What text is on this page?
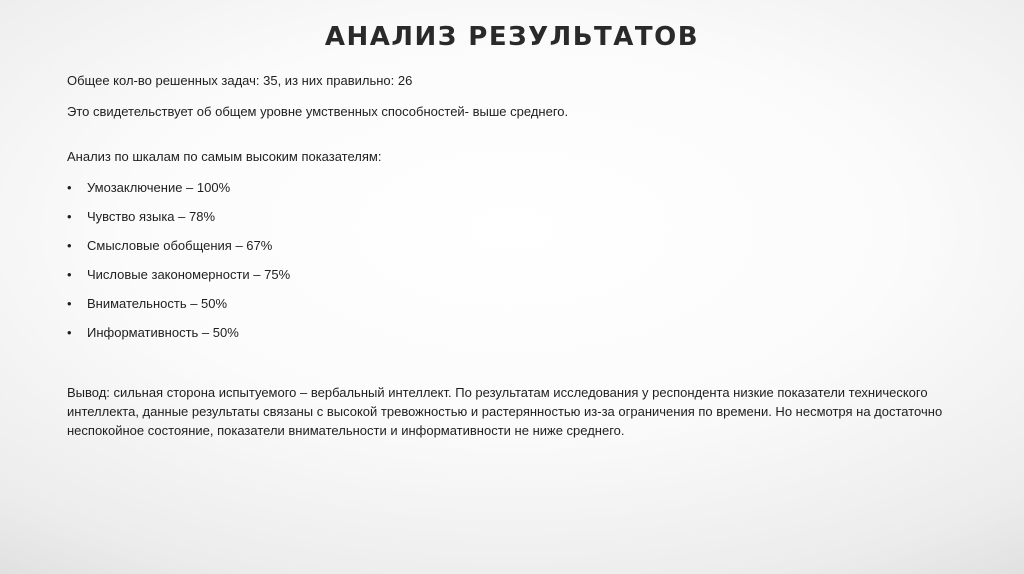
АНАЛИЗ РЕЗУЛЬТАТОВ

Общее кол-во решенных задач: 35, из них правильно: 26

Это свидетельствует об общем уровне умственных способностей- выше среднего.

Анализ по шкалам по самым высоким показателям:

• Умозаключение – 100%
• Чувство языка – 78%
• Смысловые обобщения – 67%
• Числовые закономерности – 75%
• Внимательность – 50%
• Информативность – 50%

Вывод: сильная сторона испытуемого – вербальный интеллект. По результатам исследования у респондента низкие показатели технического интеллекта, данные результаты связаны с высокой тревожностью и растерянностью из-за ограничения по времени. Но несмотря на достаточно неспокойное состояние, показатели внимательности и информативности не ниже среднего.
